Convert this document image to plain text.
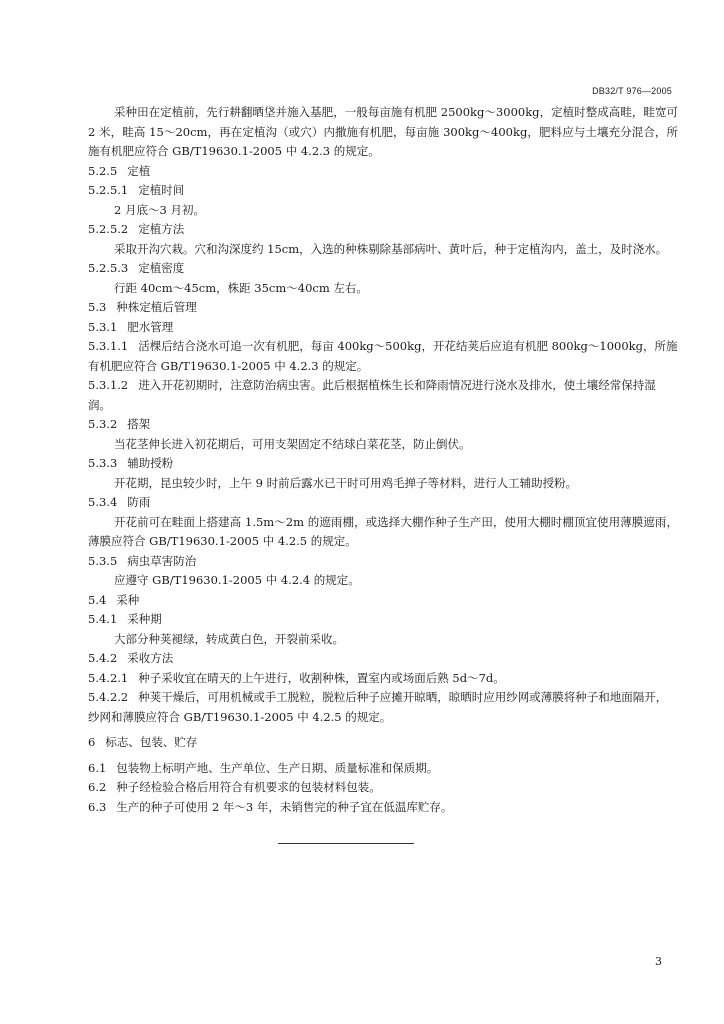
DB32/T 976—2005
采种田在定植前，先行耕翻晒垡并施入基肥，一般每亩施有机肥 2500kg～3000kg，定植时整成高畦，畦宽可 2 米，畦高 15～20cm，再在定植沟（或穴）内撒施有机肥，每亩施 300kg～400kg，肥料应与土壤充分混合，所施有机肥应符合 GB/T19630.1-2005 中 4.2.3 的规定。
5.2.5 定植
5.2.5.1 定植时间
2 月底～3 月初。
5.2.5.2 定植方法
采取开沟穴栽。穴和沟深度约 15cm，入选的种株剔除基部病叶、黄叶后，种于定植沟内，盖土，及时浇水。
5.2.5.3 定植密度
行距 40cm～45cm，株距 35cm～40cm 左右。
5.3 种株定植后管理
5.3.1 肥水管理
5.3.1.1 活棵后结合浇水可追一次有机肥，每亩 400kg～500kg，开花结荚后应追有机肥 800kg～1000kg，所施有机肥应符合 GB/T19630.1-2005 中 4.2.3 的规定。
5.3.1.2 进入开花初期时，注意防治病虫害。此后根据植株生长和降雨情况进行浇水及排水，使土壤经常保持湿润。
5.3.2 搭架
当花茎伸长进入初花期后，可用支架固定不结球白菜花茎，防止倒伏。
5.3.3 辅助授粉
开花期，昆虫较少时，上午 9 时前后露水已干时可用鸡毛掸子等材料，进行人工辅助授粉。
5.3.4 防雨
开花前可在畦面上搭建高 1.5m～2m 的遮雨棚，或选择大棚作种子生产田，使用大棚时棚顶宜使用薄膜遮雨，薄膜应符合 GB/T19630.1-2005 中 4.2.5 的规定。
5.3.5 病虫草害防治
应遵守 GB/T19630.1-2005 中 4.2.4 的规定。
5.4 采种
5.4.1 采种期
大部分种荚褪绿，转成黄白色，开裂前采收。
5.4.2 采收方法
5.4.2.1 种子采收宜在晴天的上午进行，收割种株，置室内或场面后熟 5d～7d。
5.4.2.2 种荚干燥后，可用机械或手工脱粒，脱粒后种子应摊开晾晒，晾晒时应用纱网或薄膜将种子和地面隔开，纱网和薄膜应符合 GB/T19630.1-2005 中 4.2.5 的规定。
6 标志、包装、贮存
6.1 包装物上标明产地、生产单位、生产日期、质量标准和保质期。
6.2 种子经检验合格后用符合有机要求的包装材料包装。
6.3 生产的种子可使用 2 年～3 年，未销售完的种子宜在低温库贮存。
3
